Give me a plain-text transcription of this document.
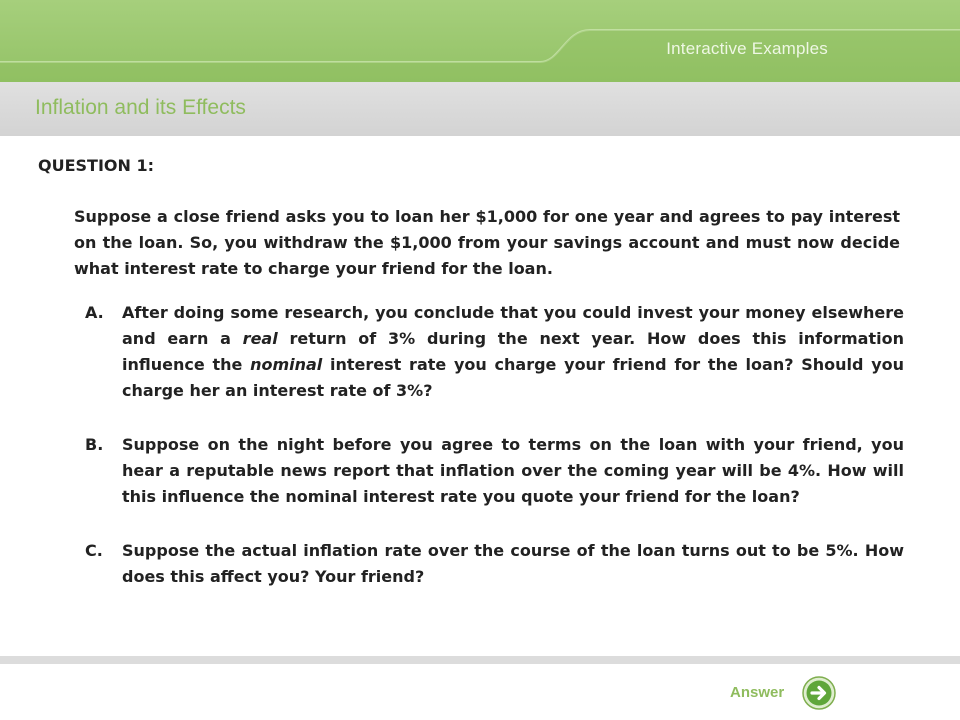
Interactive Examples
Inflation and its Effects
QUESTION 1:

Suppose a close friend asks you to loan her $1,000 for one year and agrees to pay interest on the loan. So, you withdraw the $1,000 from your savings account and must now decide what interest rate to charge your friend for the loan.

A. After doing some research, you conclude that you could invest your money elsewhere and earn a real return of 3% during the next year. How does this information influence the nominal interest rate you charge your friend for the loan? Should you charge her an interest rate of 3%?

B. Suppose on the night before you agree to terms on the loan with your friend, you hear a reputable news report that inflation over the coming year will be 4%. How will this influence the nominal interest rate you quote your friend for the loan?

C. Suppose the actual inflation rate over the course of the loan turns out to be 5%. How does this affect you? Your friend?

Answer
